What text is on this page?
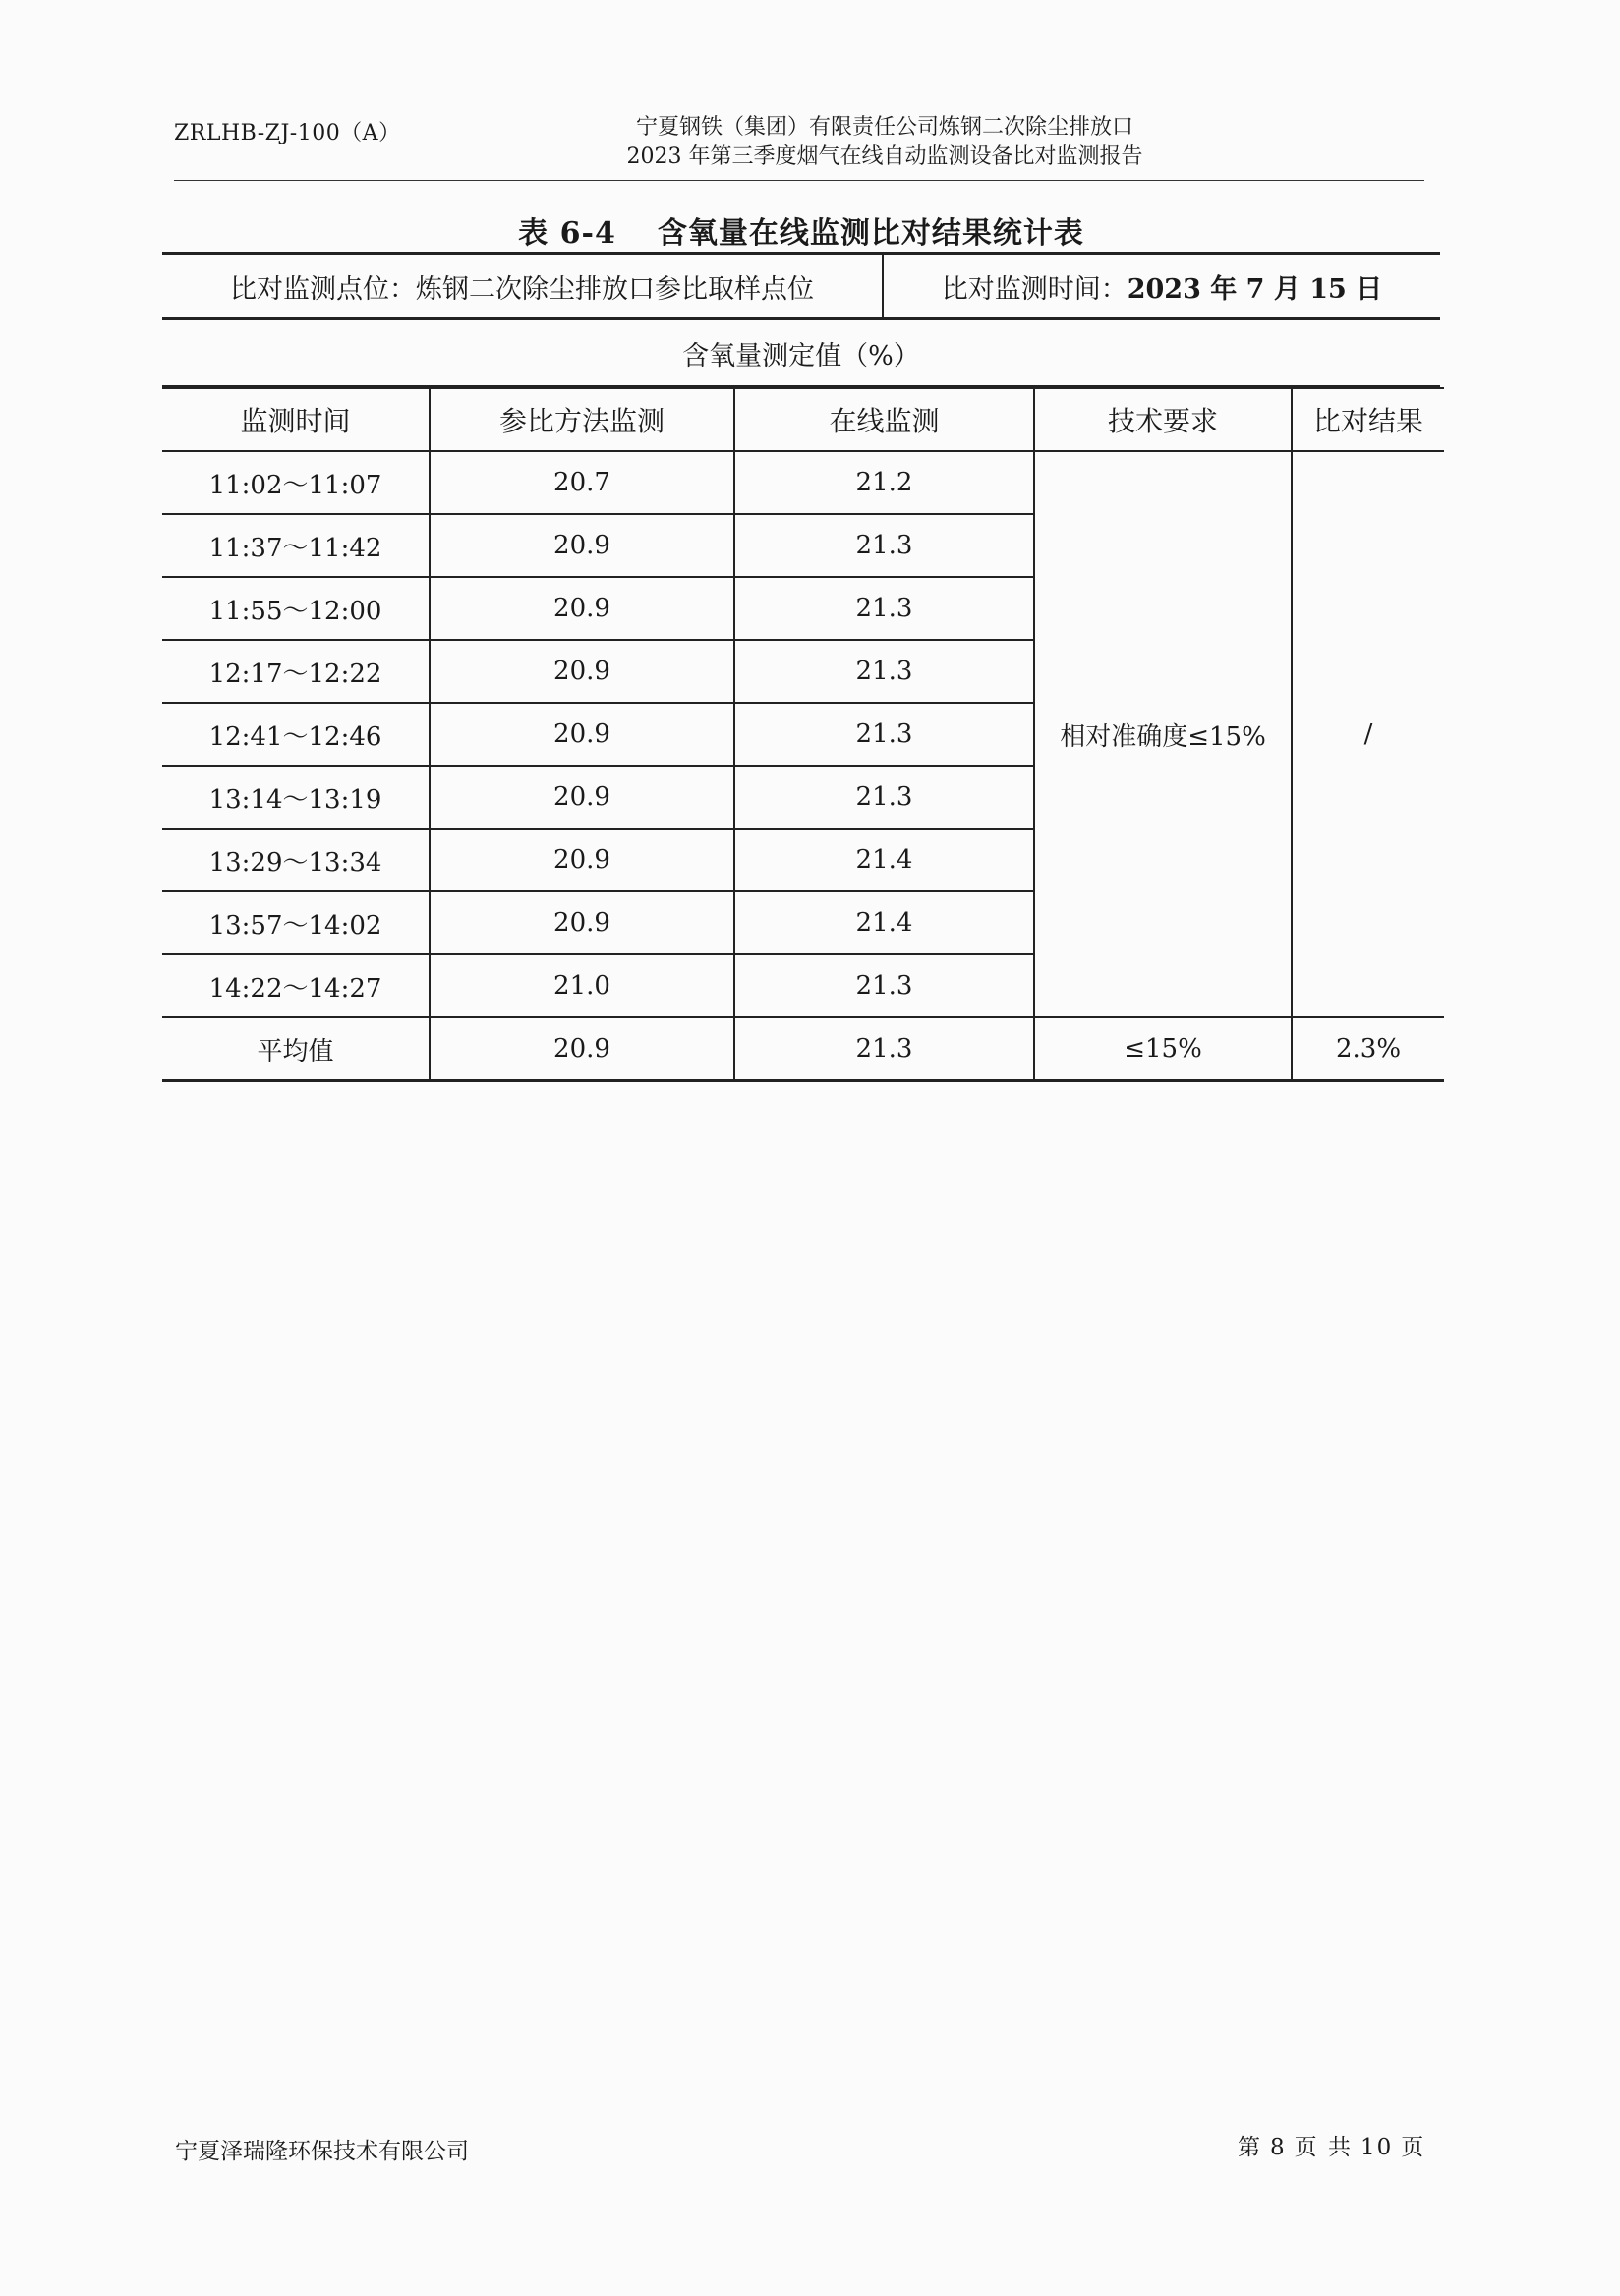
ZRLHB-ZJ-100（A）	宁夏钢铁（集团）有限责任公司炼钢二次除尘排放口
2023 年第三季度烟气在线自动监测设备比对监测报告
表 6-4 含氧量在线监测比对结果统计表
比对监测点位：炼钢二次除尘排放口参比取样点位	比对监测时间： 2023 年 7 月 15 日
含氧量测定值（%）
监测时间	参比方法监测	在线监测	技术要求	比对结果
11:02～11:07	20.7	21.2	相对准确度≤15%	/
11:37～11:42	20.9	21.3		
11:55～12:00	20.9	21.3		
12:17～12:22	20.9	21.3		
12:41～12:46	20.9	21.3		
13:14～13:19	20.9	21.3		
13:29～13:34	20.9	21.4		
13:57～14:02	20.9	21.4		
14:22～14:27	21.0	21.3		
平均值	20.9	21.3	≤15%	2.3%
宁夏泽瑞隆环保技术有限公司	第 8 页 共 10 页
